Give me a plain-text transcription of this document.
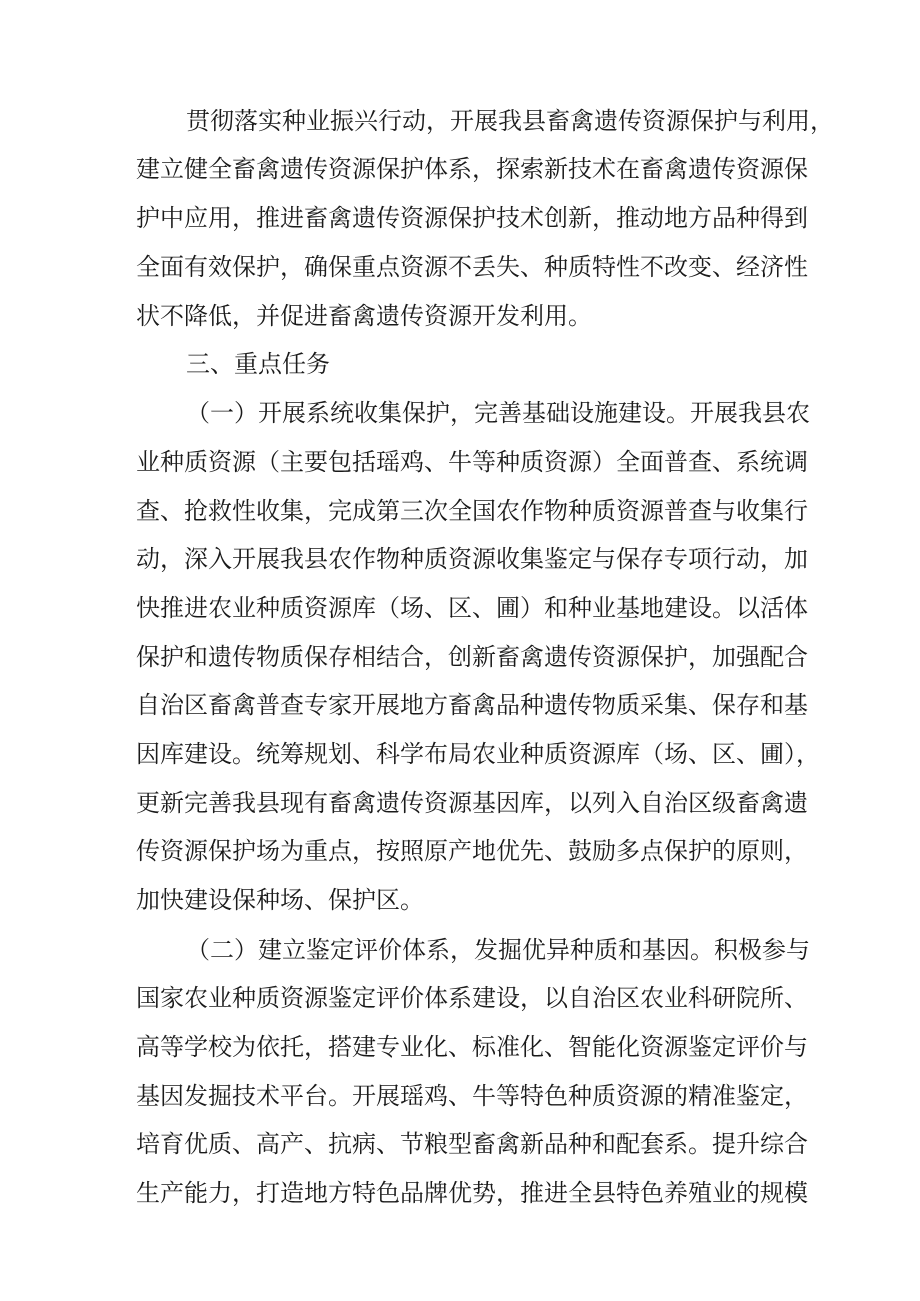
贯彻落实种业振兴行动，开展我县畜禽遗传资源保护与利用，
建立健全畜禽遗传资源保护体系，探索新技术在畜禽遗传资源保
护中应用，推进畜禽遗传资源保护技术创新，推动地方品种得到
全面有效保护，确保重点资源不丢失、种质特性不改变、经济性
状不降低，并促进畜禽遗传资源开发利用。
三、重点任务
（一）开展系统收集保护，完善基础设施建设。开展我县农
业种质资源（主要包括瑶鸡、牛等种质资源）全面普查、系统调
查、抢救性收集，完成第三次全国农作物种质资源普查与收集行
动，深入开展我县农作物种质资源收集鉴定与保存专项行动，加
快推进农业种质资源库（场、区、圃）和种业基地建设。以活体
保护和遗传物质保存相结合，创新畜禽遗传资源保护，加强配合
自治区畜禽普查专家开展地方畜禽品种遗传物质采集、保存和基
因库建设。统筹规划、科学布局农业种质资源库（场、区、圃），
更新完善我县现有畜禽遗传资源基因库，以列入自治区级畜禽遗
传资源保护场为重点，按照原产地优先、鼓励多点保护的原则，
加快建设保种场、保护区。
（二）建立鉴定评价体系，发掘优异种质和基因。积极参与
国家农业种质资源鉴定评价体系建设，以自治区农业科研院所、
高等学校为依托，搭建专业化、标准化、智能化资源鉴定评价与
基因发掘技术平台。开展瑶鸡、牛等特色种质资源的精准鉴定，
培育优质、高产、抗病、节粮型畜禽新品种和配套系。提升综合
生产能力，打造地方特色品牌优势，推进全县特色养殖业的规模
